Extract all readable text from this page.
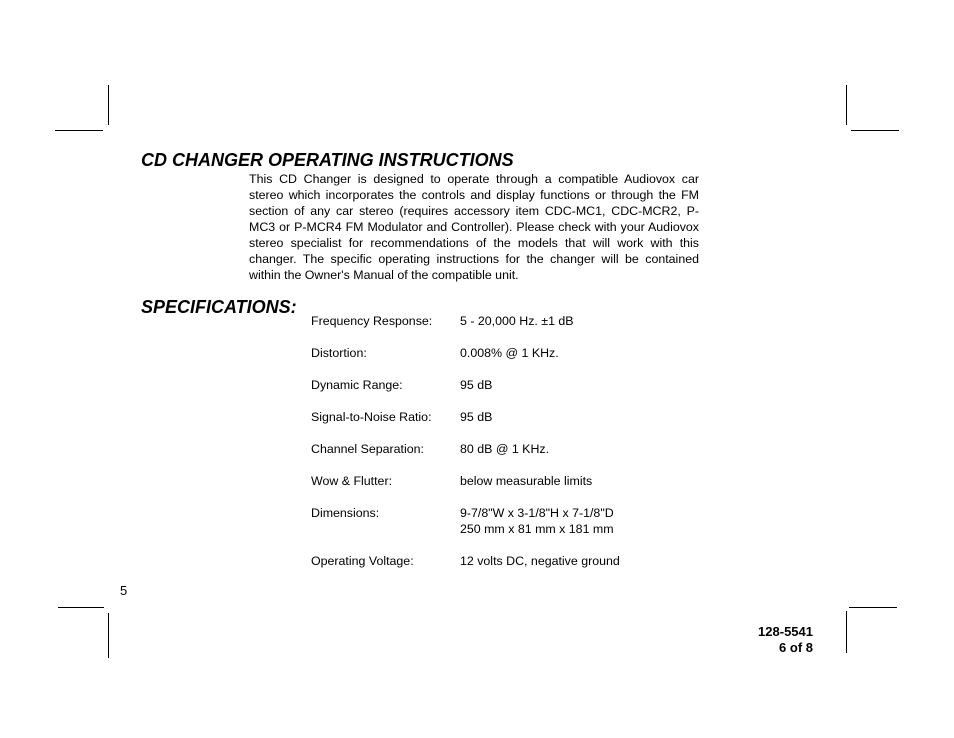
CD CHANGER OPERATING INSTRUCTIONS

This CD Changer is designed to operate through a compatible Audiovox car stereo which incorporates the controls and display functions or through the FM section of any car stereo (requires accessory item CDC-MC1, CDC-MCR2, P-MC3 or P-MCR4 FM Modulator and Controller). Please check with your Audiovox stereo specialist for recommendations of the models that will work with this changer. The specific operating instructions for the changer will be contained within the Owner's Manual of the compatible unit.

SPECIFICATIONS:
Frequency Response:	5 - 20,000 Hz. ±1 dB
Distortion:	0.008% @ 1 KHz.
Dynamic Range:	95 dB
Signal-to-Noise Ratio:	95 dB
Channel Separation:	80 dB @ 1 KHz.
Wow & Flutter:	below measurable limits
Dimensions:	9-7/8"W x 3-1/8"H x 7-1/8"D
250 mm x 81 mm x 181 mm
Operating Voltage:	12 volts DC, negative ground
5
128-5541
6 of 8
